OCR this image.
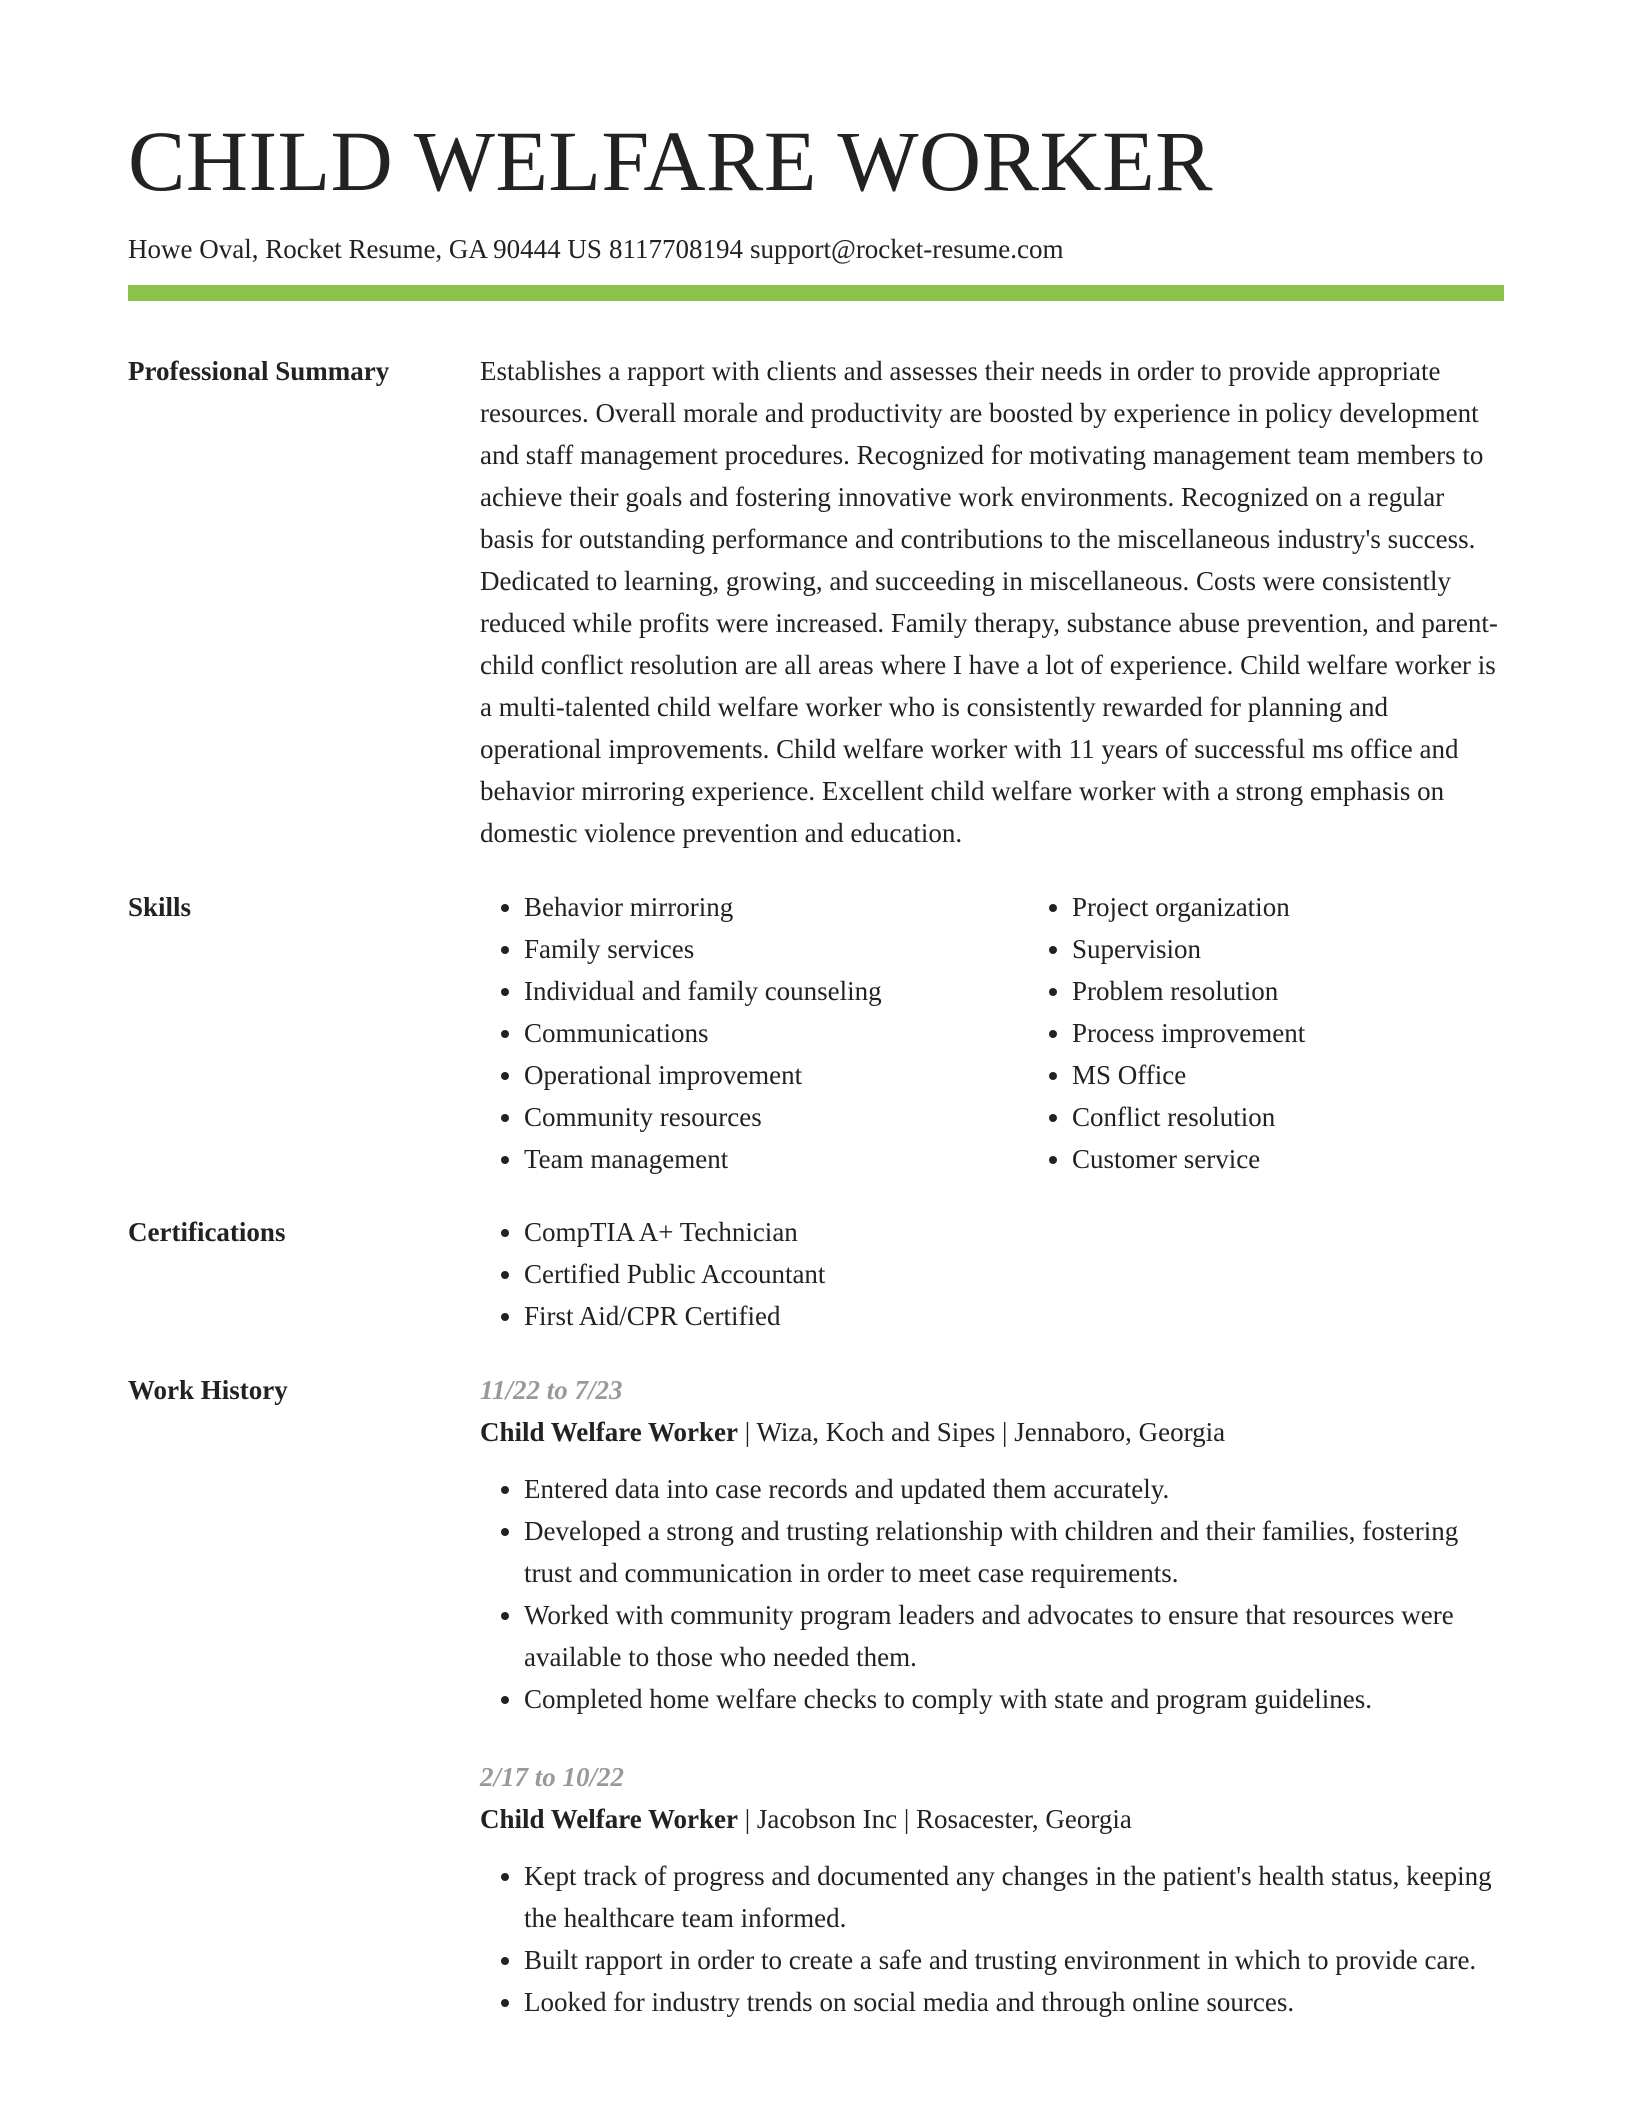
CHILD WELFARE WORKER
Howe Oval, Rocket Resume, GA 90444 US 8117708194 support@rocket-resume.com
Professional Summary	Establishes a rapport with clients and assesses their needs in order to provide appropriate resources. Overall morale and productivity are boosted by experience in policy development and staff management procedures. Recognized for motivating management team members to achieve their goals and fostering innovative work environments. Recognized on a regular basis for outstanding performance and contributions to the miscellaneous industry's success. Dedicated to learning, growing, and succeeding in miscellaneous. Costs were consistently reduced while profits were increased. Family therapy, substance abuse prevention, and parent-child conflict resolution are all areas where I have a lot of experience. Child welfare worker is a multi-talented child welfare worker who is consistently rewarded for planning and operational improvements. Child welfare worker with 11 years of successful ms office and behavior mirroring experience. Excellent child welfare worker with a strong emphasis on domestic violence prevention and education.

Skills	• Behavior mirroring
• Family services
• Individual and family counseling
• Communications
• Operational improvement
• Community resources
• Team management
• Project organization
• Supervision
• Problem resolution
• Process improvement
• MS Office
• Conflict resolution
• Customer service
Certifications	• CompTIA A+ Technician
• Certified Public Accountant
• First Aid/CPR Certified
Work History	11/22 to 7/23

Child Welfare Worker | Wiza, Koch and Sipes | Jennaboro, Georgia

• Entered data into case records and updated them accurately.
• Developed a strong and trusting relationship with children and their families, fostering trust and communication in order to meet case requirements.
• Worked with community program leaders and advocates to ensure that resources were available to those who needed them.
• Completed home welfare checks to comply with state and program guidelines.

2/17 to 10/22

Child Welfare Worker | Jacobson Inc | Rosacester, Georgia

• Kept track of progress and documented any changes in the patient's health status, keeping the healthcare team informed.
• Built rapport in order to create a safe and trusting environment in which to provide care.
• Looked for industry trends on social media and through online sources.
